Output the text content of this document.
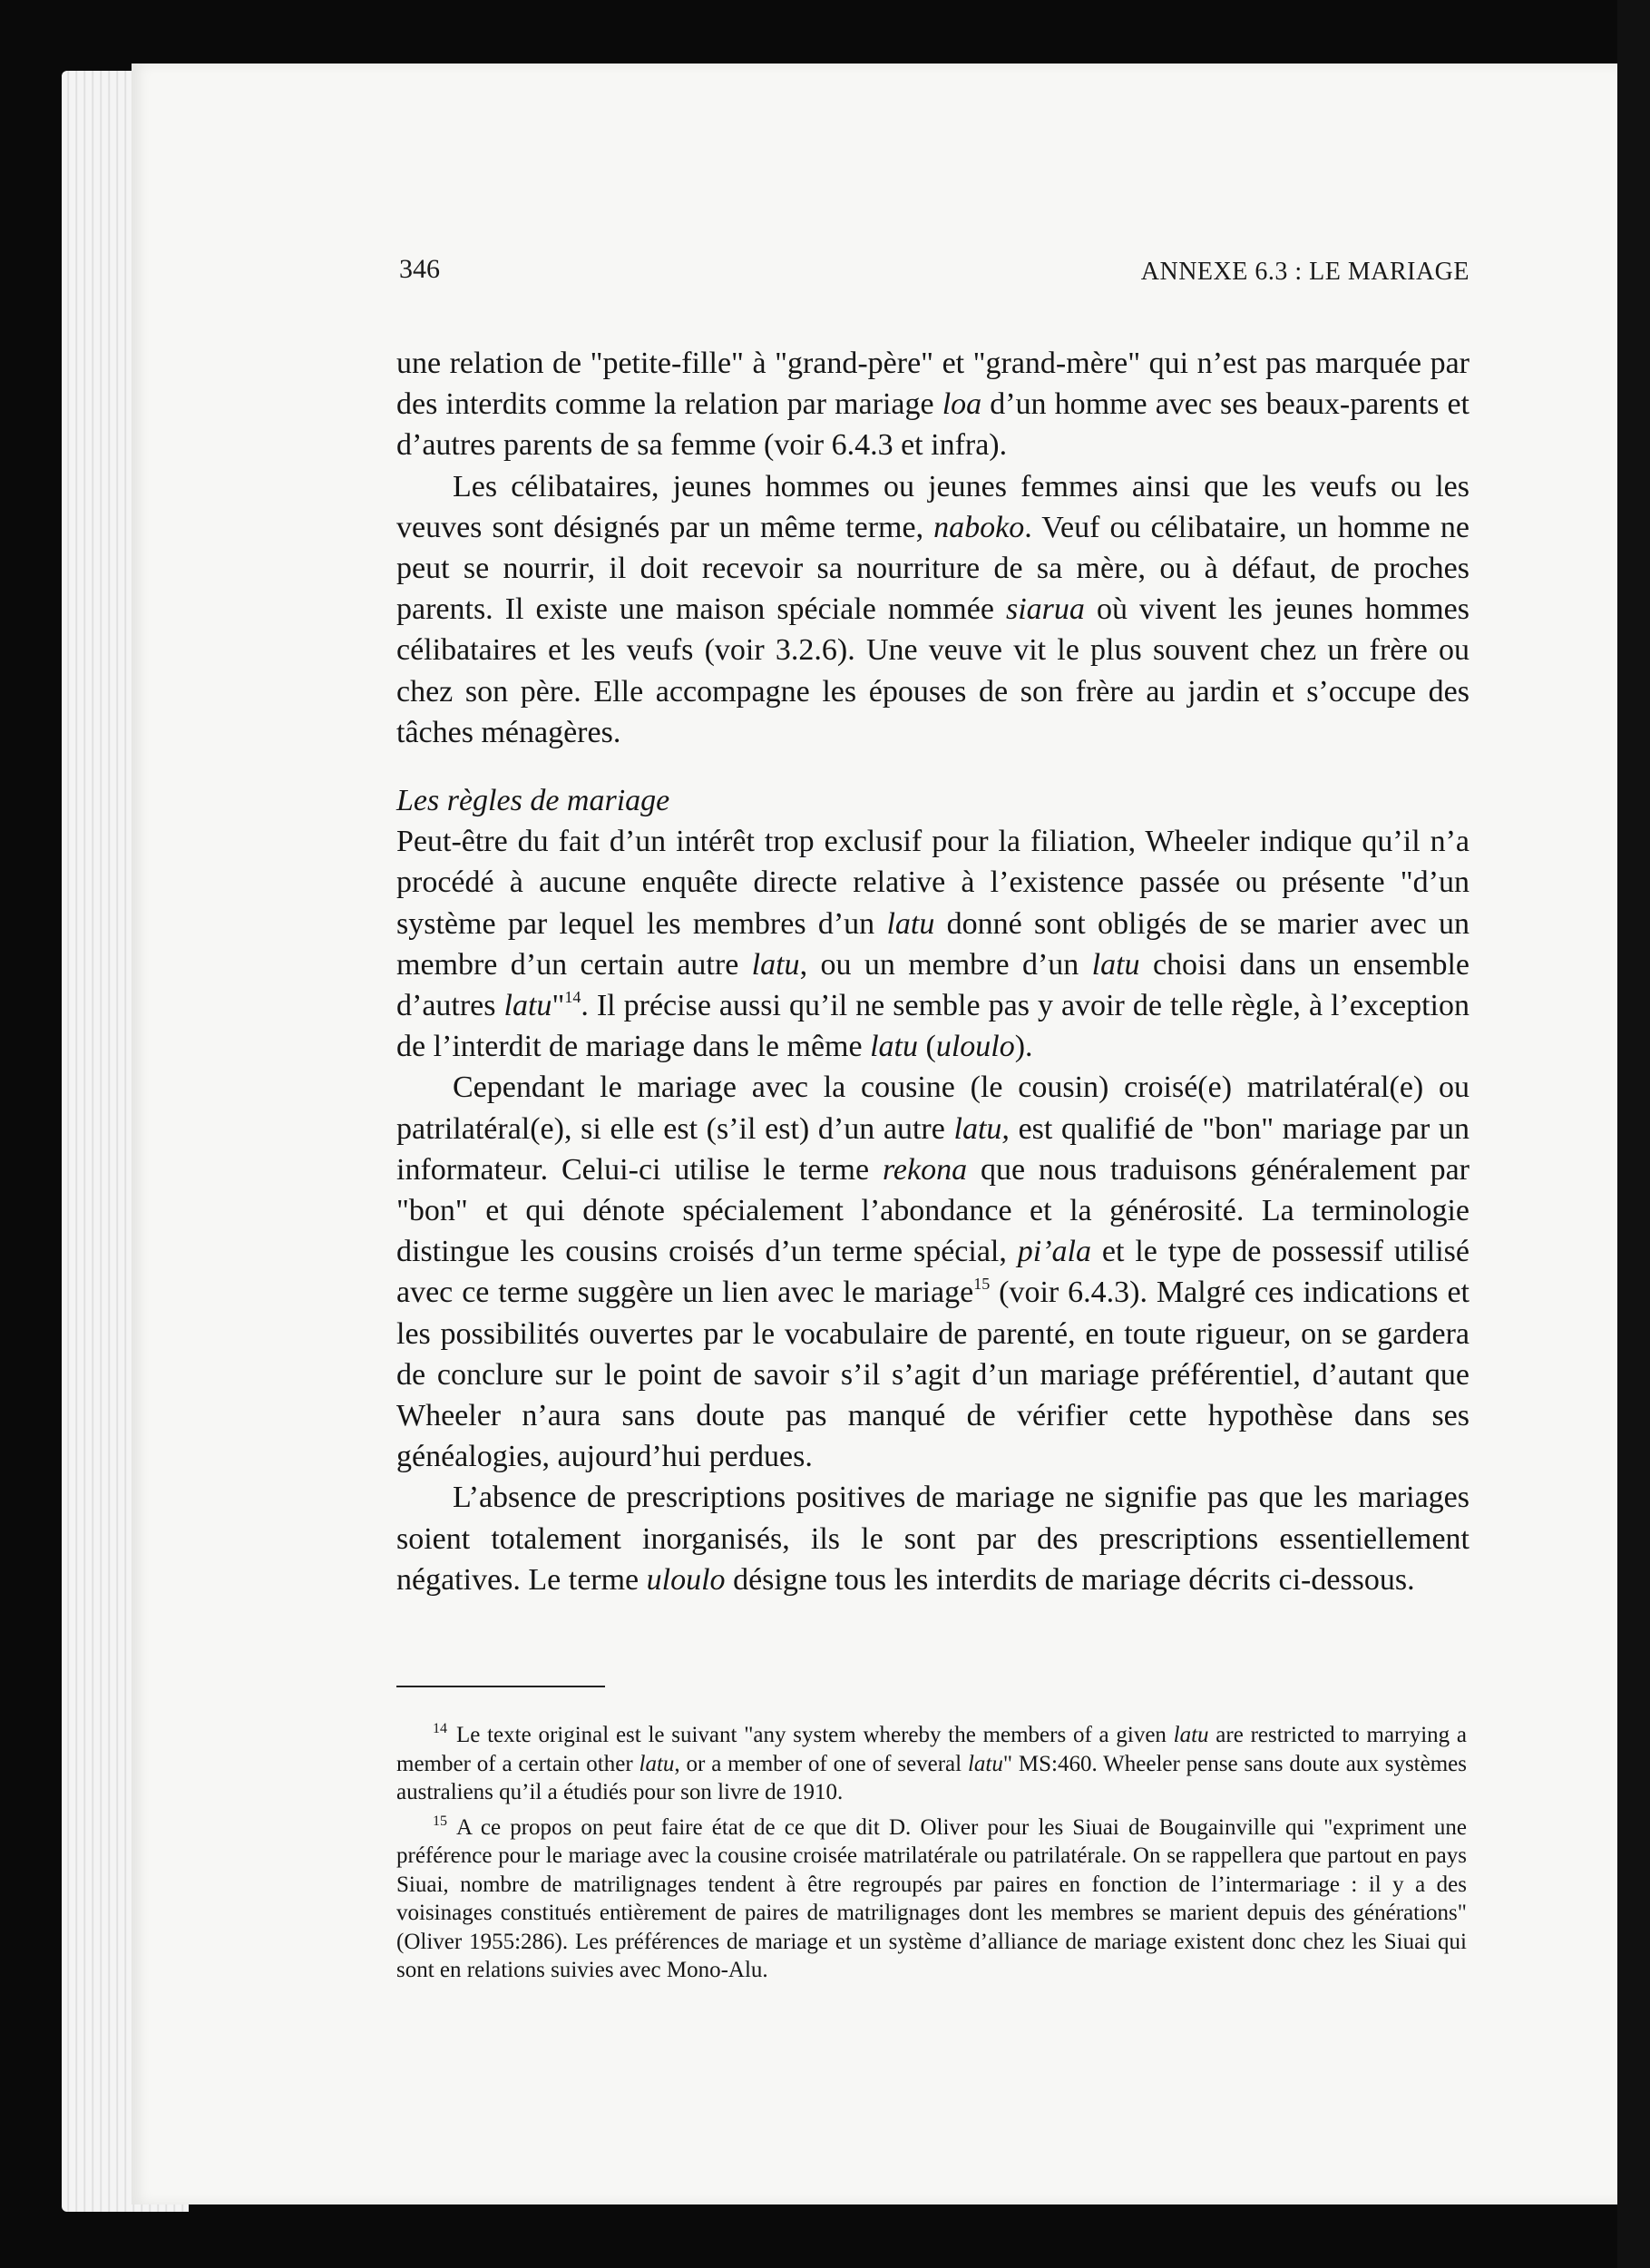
346	ANNEXE 6.3 : LE MARIAGE

une relation de "petite-fille" à "grand-père" et "grand-mère" qui n’est pas marquée par des interdits comme la relation par mariage loa d’un homme avec ses beaux-parents et d’autres parents de sa femme (voir 6.4.3 et infra).

Les célibataires, jeunes hommes ou jeunes femmes ainsi que les veufs ou les veuves sont désignés par un même terme, naboko. Veuf ou célibataire, un homme ne peut se nourrir, il doit recevoir sa nourriture de sa mère, ou à défaut, de proches parents. Il existe une maison spéciale nommée siarua où vivent les jeunes hommes célibataires et les veufs (voir 3.2.6). Une veuve vit le plus souvent chez un frère ou chez son père. Elle accompagne les épouses de son frère au jardin et s’occupe des tâches ménagères.

Les règles de mariage

Peut-être du fait d’un intérêt trop exclusif pour la filiation, Wheeler indique qu’il n’a procédé à aucune enquête directe relative à l’existence passée ou présente "d’un système par lequel les membres d’un latu donné sont obligés de se marier avec un membre d’un certain autre latu, ou un membre d’un latu choisi dans un ensemble d’autres latu"$^{14}$. Il précise aussi qu’il ne semble pas y avoir de telle règle, à l’exception de l’interdit de mariage dans le même latu (uloulo).

Cependant le mariage avec la cousine (le cousin) croisé(e) matrilatéral(e) ou patrilatéral(e), si elle est (s’il est) d’un autre latu, est qualifié de "bon" mariage par un informateur. Celui-ci utilise le terme rekona que nous traduisons généralement par "bon" et qui dénote spécialement l’abondance et la générosité. La terminologie distingue les cousins croisés d’un terme spécial, pi’ala et le type de possessif utilisé avec ce terme suggère un lien avec le mariage$^{15}$ (voir 6.4.3). Malgré ces indications et les possibilités ouvertes par le vocabulaire de parenté, en toute rigueur, on se gardera de conclure sur le point de savoir s’il s’agit d’un mariage préférentiel, d’autant que Wheeler n’aura sans doute pas manqué de vérifier cette hypothèse dans ses généalogies, aujourd’hui perdues.

L’absence de prescriptions positives de mariage ne signifie pas que les mariages soient totalement inorganisés, ils le sont par des prescriptions essentiellement négatives. Le terme uloulo désigne tous les interdits de mariage décrits ci-dessous.

$^{14}$ Le texte original est le suivant "any system whereby the members of a given latu are restricted to marrying a member of a certain other latu, or a member of one of several latu" MS:460. Wheeler pense sans doute aux systèmes australiens qu’il a étudiés pour son livre de 1910.

$^{15}$ A ce propos on peut faire état de ce que dit D. Oliver pour les Siuai de Bougainville qui "expriment une préférence pour le mariage avec la cousine croisée matrilatérale ou patrilatérale. On se rappellera que partout en pays Siuai, nombre de matrilignages tendent à être regroupés par paires en fonction de l’intermariage : il y a des voisinages constitués entièrement de paires de matrilignages dont les membres se marient depuis des générations" (Oliver 1955:286). Les préférences de mariage et un système d’alliance de mariage existent donc chez les Siuai qui sont en relations suivies avec Mono-Alu.
